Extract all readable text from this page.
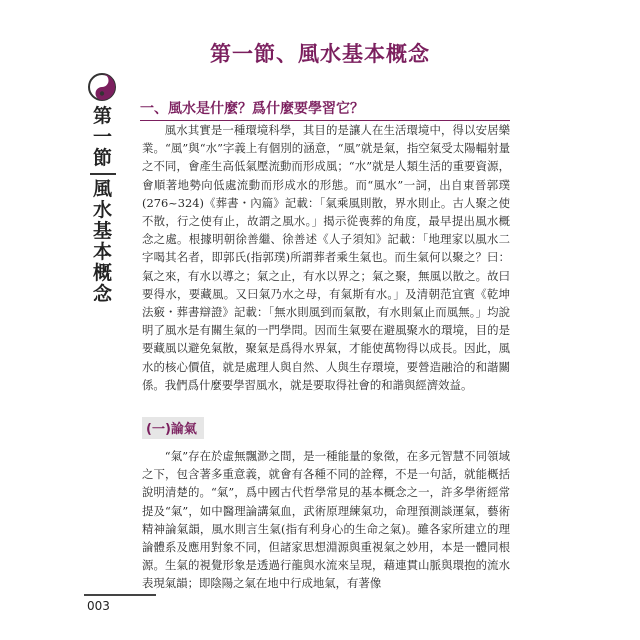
第一節、風水基本概念
第一節
風水基本概念
一、風水是什麼？爲什麼要學習它？

風水其實是一種環境科學，其目的是讓人在生活環境中，得以安居樂業。“風”與“水”字義上有個別的涵意，“風”就是氣，指空氣受太陽輻射量之不同，會產生高低氣壓流動而形成風；“水”就是人類生活的重要資源，會順著地勢向低處流動而形成水的形態。而“風水”一詞，出自東晉郭璞(276~324)《葬書・內篇》記載：「氣乘風則散，界水則止。古人聚之使不散，行之使有止，故謂之風水。」揭示從喪葬的角度，最早提出風水概念之處。根據明朝徐善繼、徐善述《人子須知》記載：「地理家以風水二字喝其名者，即郭氏(指郭璞)所謂葬者乘生氣也。而生氣何以聚之？曰：氣之來，有水以導之；氣之止，有水以界之；氣之聚，無風以散之。故曰要得水，要藏風。又曰氣乃水之母，有氣斯有水。」及清朝范宜賓《乾坤法竅・葬書辯證》記載：「無水則風到而氣散，有水則氣止而風無。」均說明了風水是有關生氣的一門學問。因而生氣要在避風聚水的環境，目的是要藏風以避免氣散，聚氣是爲得水界氣，才能使萬物得以成長。因此，風水的核心價值，就是處理人與自然、人與生存環境，要營造融洽的和諧關係。我們爲什麼要學習風水，就是要取得社會的和諧與經濟效益。

(一)論氣

“氣”存在於虛無飄渺之間，是一種能量的象徵，在多元智慧不同領域之下，包含著多重意義，就會有各種不同的詮釋，不是一句話，就能概括說明清楚的。“氣”，爲中國古代哲學常見的基本概念之一，許多學術經常提及“氣”，如中醫理論講氣血，武術原理練氣功，命理預測談運氣，藝術精神論氣韻，風水則言生氣(指有利身心的生命之氣)。雖各家所建立的理論體系及應用對象不同，但諸家思想淵源與重視氣之妙用，本是一體同根源。生氣的視覺形象是透過行龍與水流來呈現，藉連貫山脈與環抱的流水表現氣韻；即陰陽之氣在地中行成地氣，有著像

003
